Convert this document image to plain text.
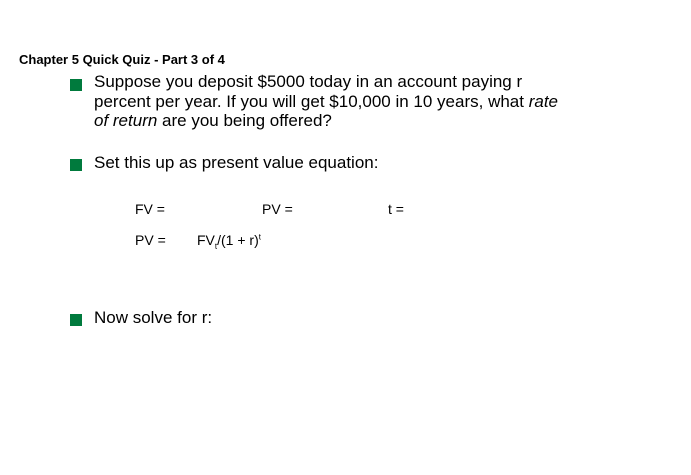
Chapter 5 Quick Quiz - Part 3 of 4
Suppose you deposit $5000 today in an account paying r
percent per year. If you will get $10,000 in 10 years, what rate
of return are you being offered?
Set this up as present value equation:
FV =	PV =	t =
PV = $FV_t/(1 + r)^t$
Now solve for r:
